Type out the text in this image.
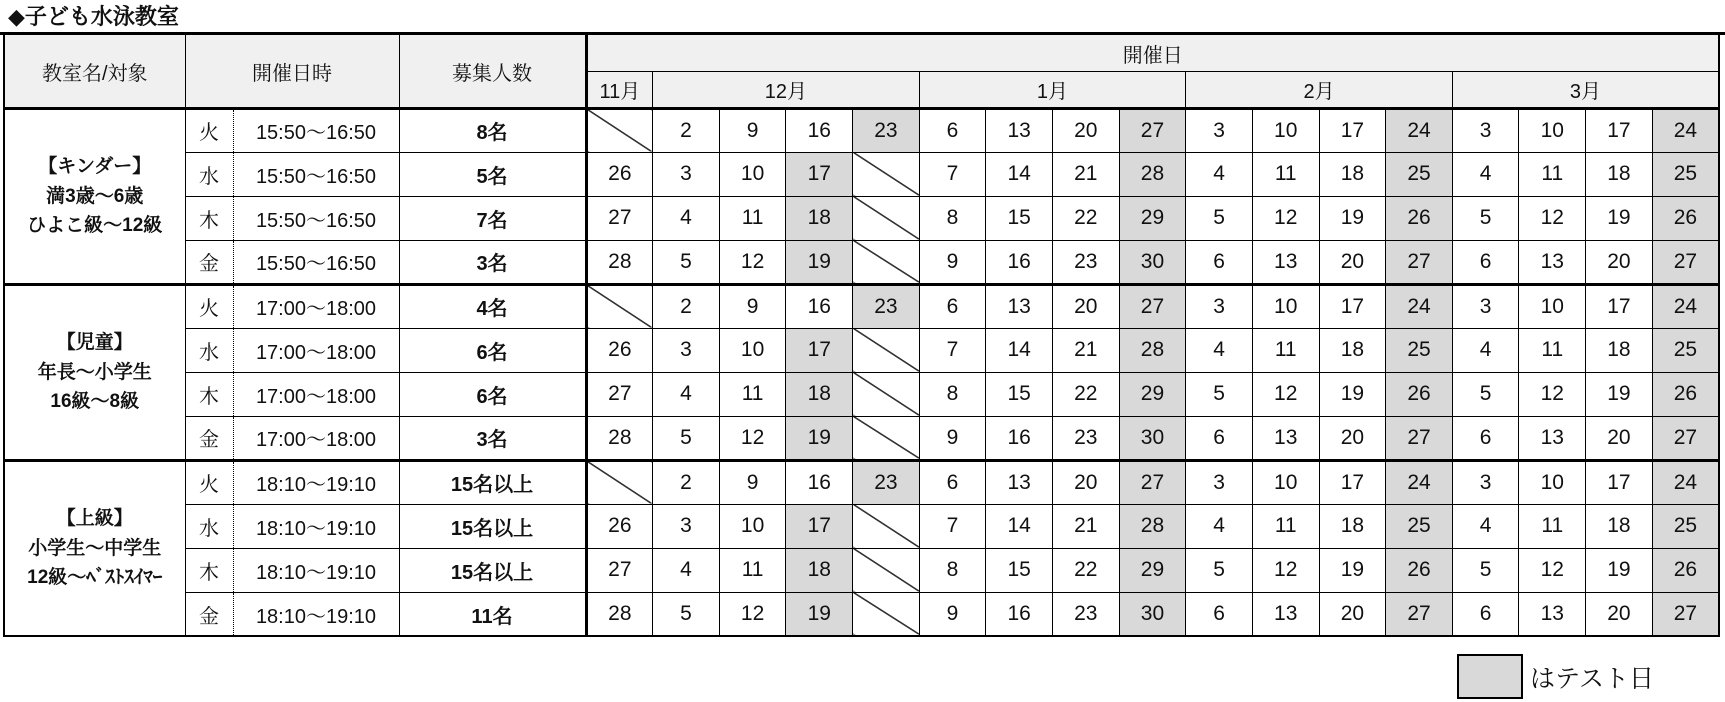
◆子ども水泳教室
教室名/対象	開催日時		募集人数	開催日																
				11月	12月				1月				2月				3月			

【キンダー】
満3歳～6歳
ひよこ級～12級	火	15:50～16:50	8名		2	9	16	23	6	13	20	27	3	10	17	24	3	10	17	24
	水	15:50～16:50	5名	26	3	10	17		7	14	21	28	4	11	18	25	4	11	18	25
	木	15:50～16:50	7名	27	4	11	18		8	15	22	29	5	12	19	26	5	12	19	26
	金	15:50～16:50	3名	28	5	12	19		9	16	23	30	6	13	20	27	6	13	20	27

【児童】
年長～小学生
16級～8級	火	17:00～18:00	4名		2	9	16	23	6	13	20	27	3	10	17	24	3	10	17	24
	水	17:00～18:00	6名	26	3	10	17		7	14	21	28	4	11	18	25	4	11	18	25
	木	17:00～18:00	6名	27	4	11	18		8	15	22	29	5	12	19	26	5	12	19	26
	金	17:00～18:00	3名	28	5	12	19		9	16	23	30	6	13	20	27	6	13	20	27

【上級】
小学生～中学生
12級～ﾍﾞｽﾄｽｲﾏｰ	火	18:10～19:10	15名以上		2	9	16	23	6	13	20	27	3	10	17	24	3	10	17	24
	水	18:10～19:10	15名以上	26	3	10	17		7	14	21	28	4	11	18	25	4	11	18	25
	木	18:10～19:10	15名以上	27	4	11	18		8	15	22	29	5	12	19	26	5	12	19	26
	金	18:10～19:10	11名	28	5	12	19		9	16	23	30	6	13	20	27	6	13	20	27
はテスト日
